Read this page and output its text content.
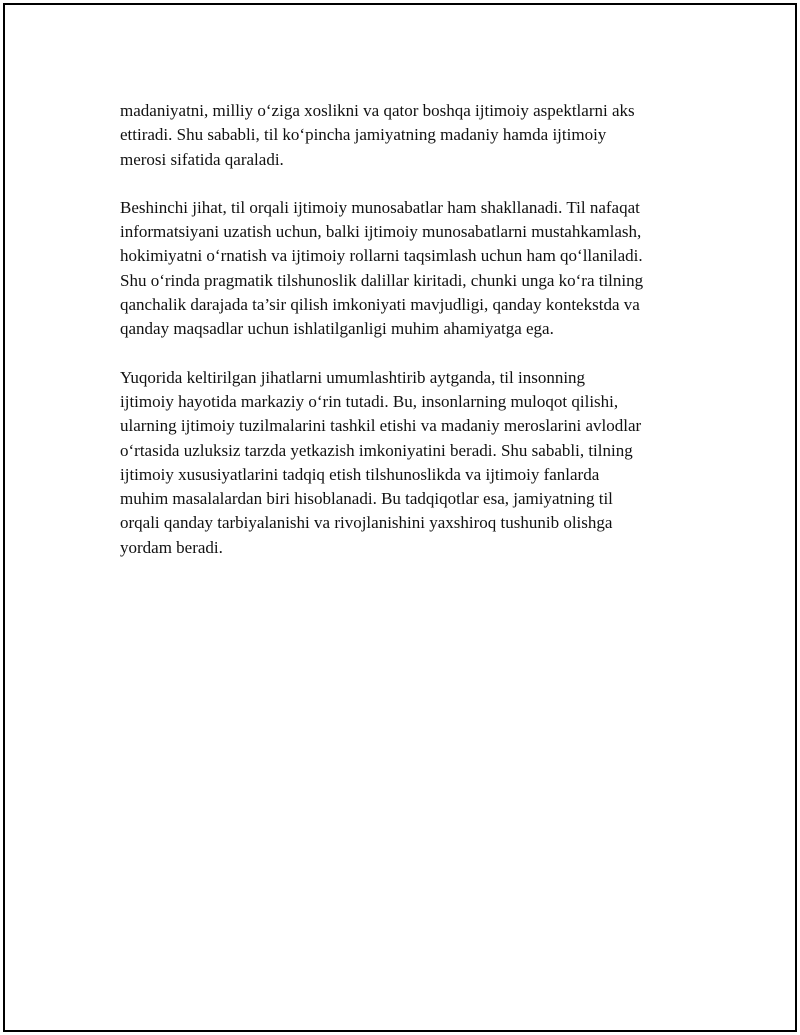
madaniyatni, milliy o‘ziga xoslikni va qator boshqa ijtimoiy aspektlarni aks
ettiradi. Shu sababli, til ko‘pincha jamiyatning madaniy hamda ijtimoiy
merosi sifatida qaraladi.

Beshinchi jihat, til orqali ijtimoiy munosabatlar ham shakllanadi. Til nafaqat
informatsiyani uzatish uchun, balki ijtimoiy munosabatlarni mustahkamlash,
hokimiyatni o‘rnatish va ijtimoiy rollarni taqsimlash uchun ham qo‘llaniladi.
Shu o‘rinda pragmatik tilshunoslik dalillar kiritadi, chunki unga ko‘ra tilning
qanchalik darajada ta’sir qilish imkoniyati mavjudligi, qanday kontekstda va
qanday maqsadlar uchun ishlatilganligi muhim ahamiyatga ega.

Yuqorida keltirilgan jihatlarni umumlashtirib aytganda, til insonning
ijtimoiy hayotida markaziy o‘rin tutadi. Bu, insonlarning muloqot qilishi,
ularning ijtimoiy tuzilmalarini tashkil etishi va madaniy meroslarini avlodlar
o‘rtasida uzluksiz tarzda yetkazish imkoniyatini beradi. Shu sababli, tilning
ijtimoiy xususiyatlarini tadqiq etish tilshunoslikda va ijtimoiy fanlarda
muhim masalalardan biri hisoblanadi. Bu tadqiqotlar esa, jamiyatning til
orqali qanday tarbiyalanishi va rivojlanishini yaxshiroq tushunib olishga
yordam beradi.
